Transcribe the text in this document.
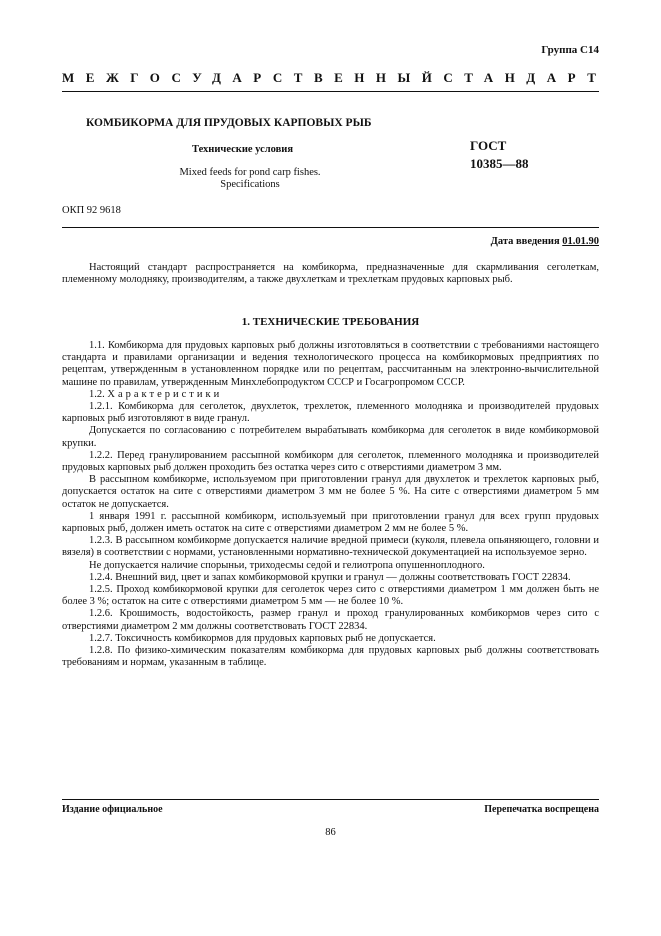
Группа С14
МЕЖГОСУДАРСТВЕННЫЙ СТАНДАРТ
КОМБИКОРМА ДЛЯ ПРУДОВЫХ КАРПОВЫХ РЫБ
Технические условия	ГОСТ
10385—88
Mixed feeds for pond carp fishes.
Specifications
ОКП 92 9618
Дата введения 01.01.90

Настоящий стандарт распространяется на комбикорма, предназначенные для скармливания сеголеткам, племенному молодняку, производителям, а также двухлеткам и трехлеткам прудовых карповых рыб.

1. ТЕХНИЧЕСКИЕ ТРЕБОВАНИЯ

1.1. Комбикорма для прудовых карповых рыб должны изготовляться в соответствии с требованиями настоящего стандарта и правилами организации и ведения технологического процесса на комбикормовых предприятиях по рецептам, утвержденным в установленном порядке или по рецептам, рассчитанным на электронно-вычислительной машине по правилам, утвержденным Минхлебопродуктом СССР и Госагропромом СССР.

1.2. Характеристики

1.2.1. Комбикорма для сеголеток, двухлеток, трехлеток, племенного молодняка и производителей прудовых карповых рыб изготовляют в виде гранул.

Допускается по согласованию с потребителем вырабатывать комбикорма для сеголеток в виде комбикормовой крупки.

1.2.2. Перед гранулированием рассыпной комбикорм для сеголеток, племенного молодняка и производителей прудовых карповых рыб должен проходить без остатка через сито с отверстиями диаметром 3 мм.

В рассыпном комбикорме, используемом при приготовлении гранул для двухлеток и трехлеток карповых рыб, допускается остаток на сите с отверстиями диаметром 3 мм не более 5 %. На сите с отверстиями диаметром 5 мм остаток не допускается.

1 января 1991 г. рассыпной комбикорм, используемый при приготовлении гранул для всех групп прудовых карповых рыб, должен иметь остаток на сите с отверстиями диаметром 2 мм не более 5 %.

1.2.3. В рассыпном комбикорме допускается наличие вредной примеси (куколя, плевела опьяняющего, головни и вязеля) в соответствии с нормами, установленными нормативно-технической документацией на используемое зерно.

Не допускается наличие спорыньи, триходесмы седой и гелиотропа опушенноплодного.

1.2.4. Внешний вид, цвет и запах комбикормовой крупки и гранул — должны соответствовать ГОСТ 22834.

1.2.5. Проход комбикормовой крупки для сеголеток через сито с отверстиями диаметром 1 мм должен быть не более 3 %; остаток на сите с отверстиями диаметром 5 мм — не более 10 %.

1.2.6. Крошимость, водостойкость, размер гранул и проход гранулированных комбикормов через сито с отверстиями диаметром 2 мм должны соответствовать ГОСТ 22834.

1.2.7. Токсичность комбикормов для прудовых карповых рыб не допускается.

1.2.8. По физико-химическим показателям комбикорма для прудовых карповых рыб должны соответствовать требованиям и нормам, указанным в таблице.

Издание официальное	Перепечатка воспрещена
86
